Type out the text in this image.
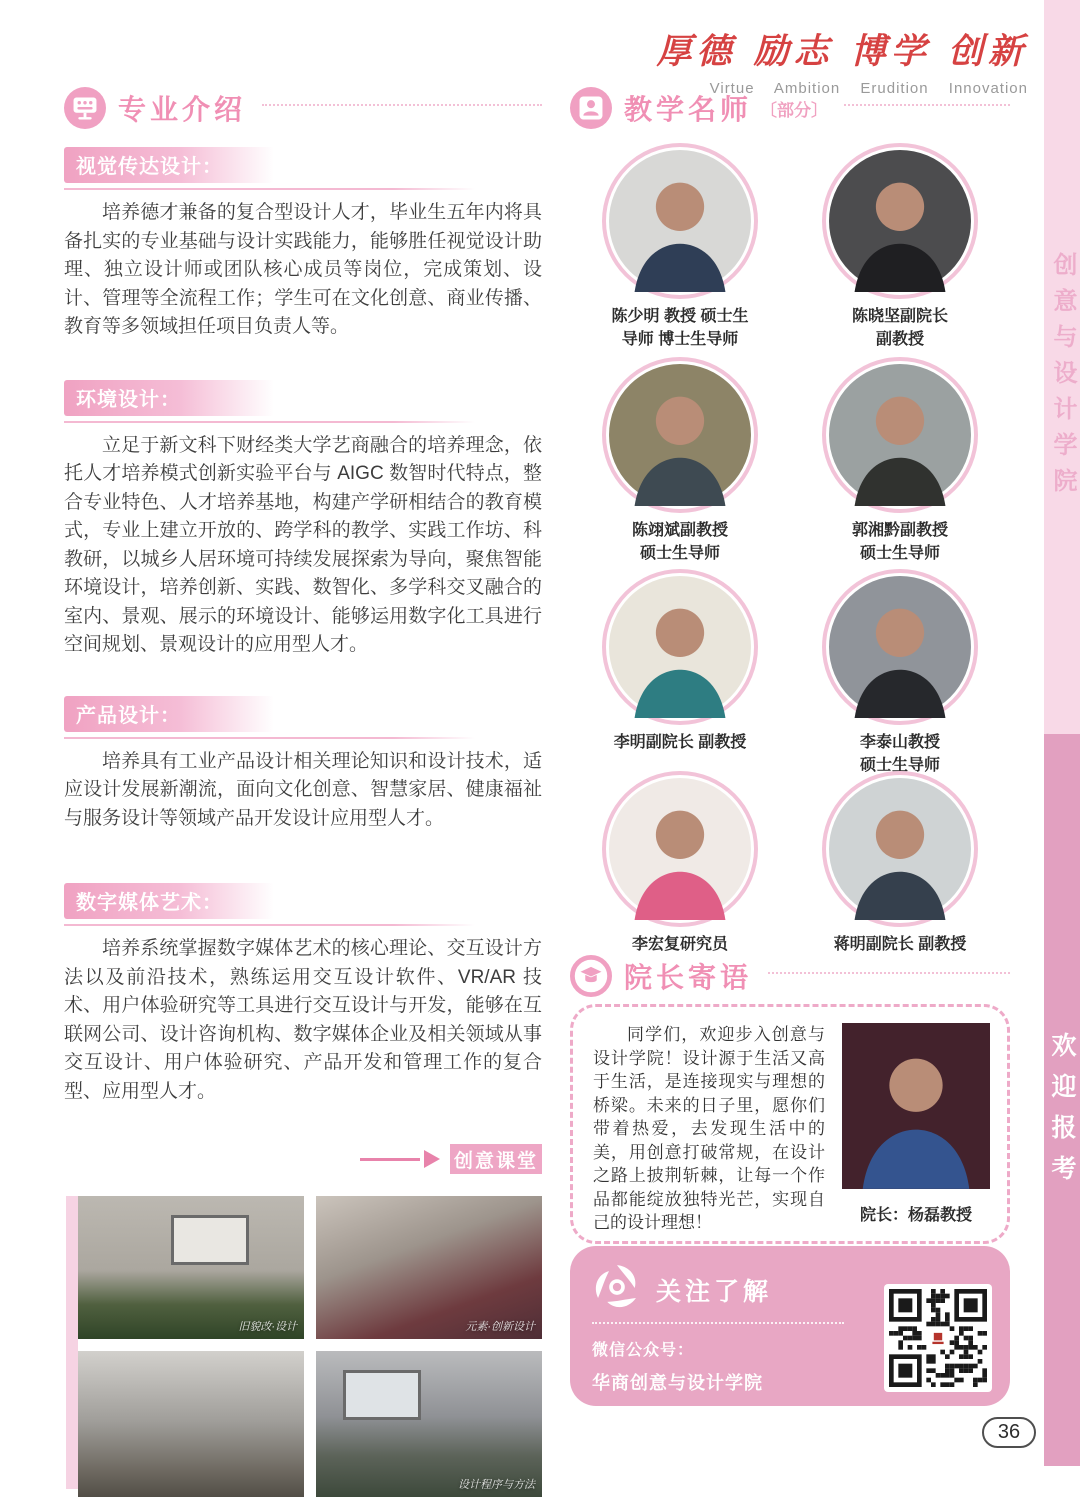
创意与设计学院
欢迎报考
厚德 励志 博学 创新
Virtue Ambition Erudition Innovation
专业介绍
视觉传达设计：

培养德才兼备的复合型设计人才，毕业生五年内将具备扎实的专业基础与设计实践能力，能够胜任视觉设计助理、独立设计师或团队核心成员等岗位，完成策划、设计、管理等全流程工作；学生可在文化创意、商业传播、教育等多领域担任项目负责人等。

环境设计：

立足于新文科下财经类大学艺商融合的培养理念，依托人才培养模式创新实验平台与 AIGC 数智时代特点，整合专业特色、人才培养基地，构建产学研相结合的教育模式，专业上建立开放的、跨学科的教学、实践工作坊、科教研，以城乡人居环境可持续发展探索为导向，聚焦智能环境设计，培养创新、实践、数智化、多学科交叉融合的室内、景观、展示的环境设计、能够运用数字化工具进行空间规划、景观设计的应用型人才。

产品设计：

培养具有工业产品设计相关理论知识和设计技术，适应设计发展新潮流，面向文化创意、智慧家居、健康福祉与服务设计等领域产品开发设计应用型人才。

数字媒体艺术：

培养系统掌握数字媒体艺术的核心理论、交互设计方法以及前沿技术，熟练运用交互设计软件、VR/AR 技术、用户体验研究等工具进行交互设计与开发，能够在互联网公司、设计咨询机构、数字媒体企业及相关领域从事交互设计、用户体验研究、产品开发和管理工作的复合型、应用型人才。

创意课堂
旧貌改·设计	元素·创新设计
设计程序与方法
教学名师 〔部分〕
陈少明 教授 硕士生
导师 博士生导师
陈晓坚副院长
副教授
陈翊斌副教授
硕士生导师
郭湘黔副教授
硕士生导师
李明副院长 副教授	李泰山教授
硕士生导师
李宏复研究员	蒋明副院长 副教授
院长寄语

同学们，欢迎步入创意与设计学院！设计源于生活又高于生活，是连接现实与理想的桥梁。未来的日子里，愿你们带着热爱，去发现生活中的美，用创意打破常规，在设计之路上披荆斩棘，让每一个作品都能绽放独特光芒，实现自己的设计理想！	院长：杨磊教授
关注了解
微信公众号：
华商创意与设计学院
36
